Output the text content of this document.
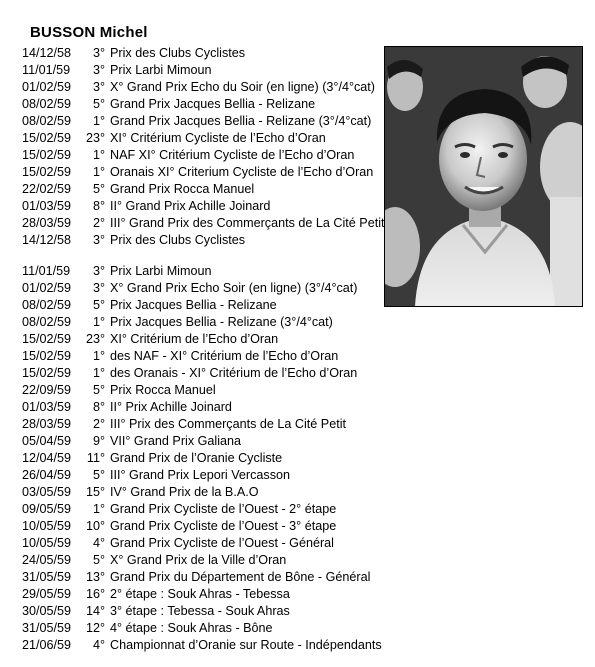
BUSSON Michel
14/12/58	3° Prix des Clubs Cyclistes
11/01/59	3° Prix Larbi Mimoun
01/02/59	3° X° Grand Prix Echo du Soir (en ligne) (3°/4°cat)
08/02/59	5° Grand Prix Jacques Bellia - Relizane
08/02/59	1° Grand Prix Jacques Bellia - Relizane (3°/4°cat)
15/02/59	23° XI° Critérium Cycliste de l’Echo d’Oran
15/02/59	1° NAF XI° Critérium Cycliste de l’Echo d’Oran
15/02/59	1° Oranais XI° Criterium Cycliste de l’Echo d’Oran
22/02/59	5° Grand Prix Rocca Manuel
01/03/59	8° II° Grand Prix Achille Joinard
28/03/59	2° III° Grand Prix des Commerçants de La Cité Petit
14/12/58	3° Prix des Clubs Cyclistes
11/01/59	3° Prix Larbi Mimoun
01/02/59	3° X° Grand Prix Echo Soir (en ligne) (3°/4°cat)
08/02/59	5° Prix Jacques Bellia - Relizane
08/02/59	1° Prix Jacques Bellia - Relizane (3°/4°cat)
15/02/59	23° XI° Critérium de l’Echo d’Oran
15/02/59	1° des NAF - XI° Critérium de l’Echo d’Oran
15/02/59	1° des Oranais - XI° Critérium de l’Echo d’Oran
22/09/59	5° Prix Rocca Manuel
01/03/59	8° II° Prix Achille Joinard
28/03/59	2° III° Prix des Commerçants de La Cité Petit
05/04/59	9° VII° Grand Prix Galiana
12/04/59	11° Grand Prix de l’Oranie Cycliste
26/04/59	5° III° Grand Prix Lepori Vercasson
03/05/59	15° IV° Grand Prix de la B.A.O
09/05/59	1° Grand Prix Cycliste de l’Ouest - 2° étape
10/05/59	10° Grand Prix Cycliste de l’Ouest - 3° étape
10/05/59	4° Grand Prix Cycliste de l’Ouest - Général
24/05/59	5° X° Grand Prix de la Ville d’Oran
31/05/59	13° Grand Prix du Département de Bône - Général
29/05/59	16° 2° étape : Souk Ahras - Tebessa
30/05/59	14° 3° étape : Tebessa - Souk Ahras
31/05/59	12° 4° étape : Souk Ahras - Bône
21/06/59	4° Championnat d’Oranie sur Route - Indépendants
